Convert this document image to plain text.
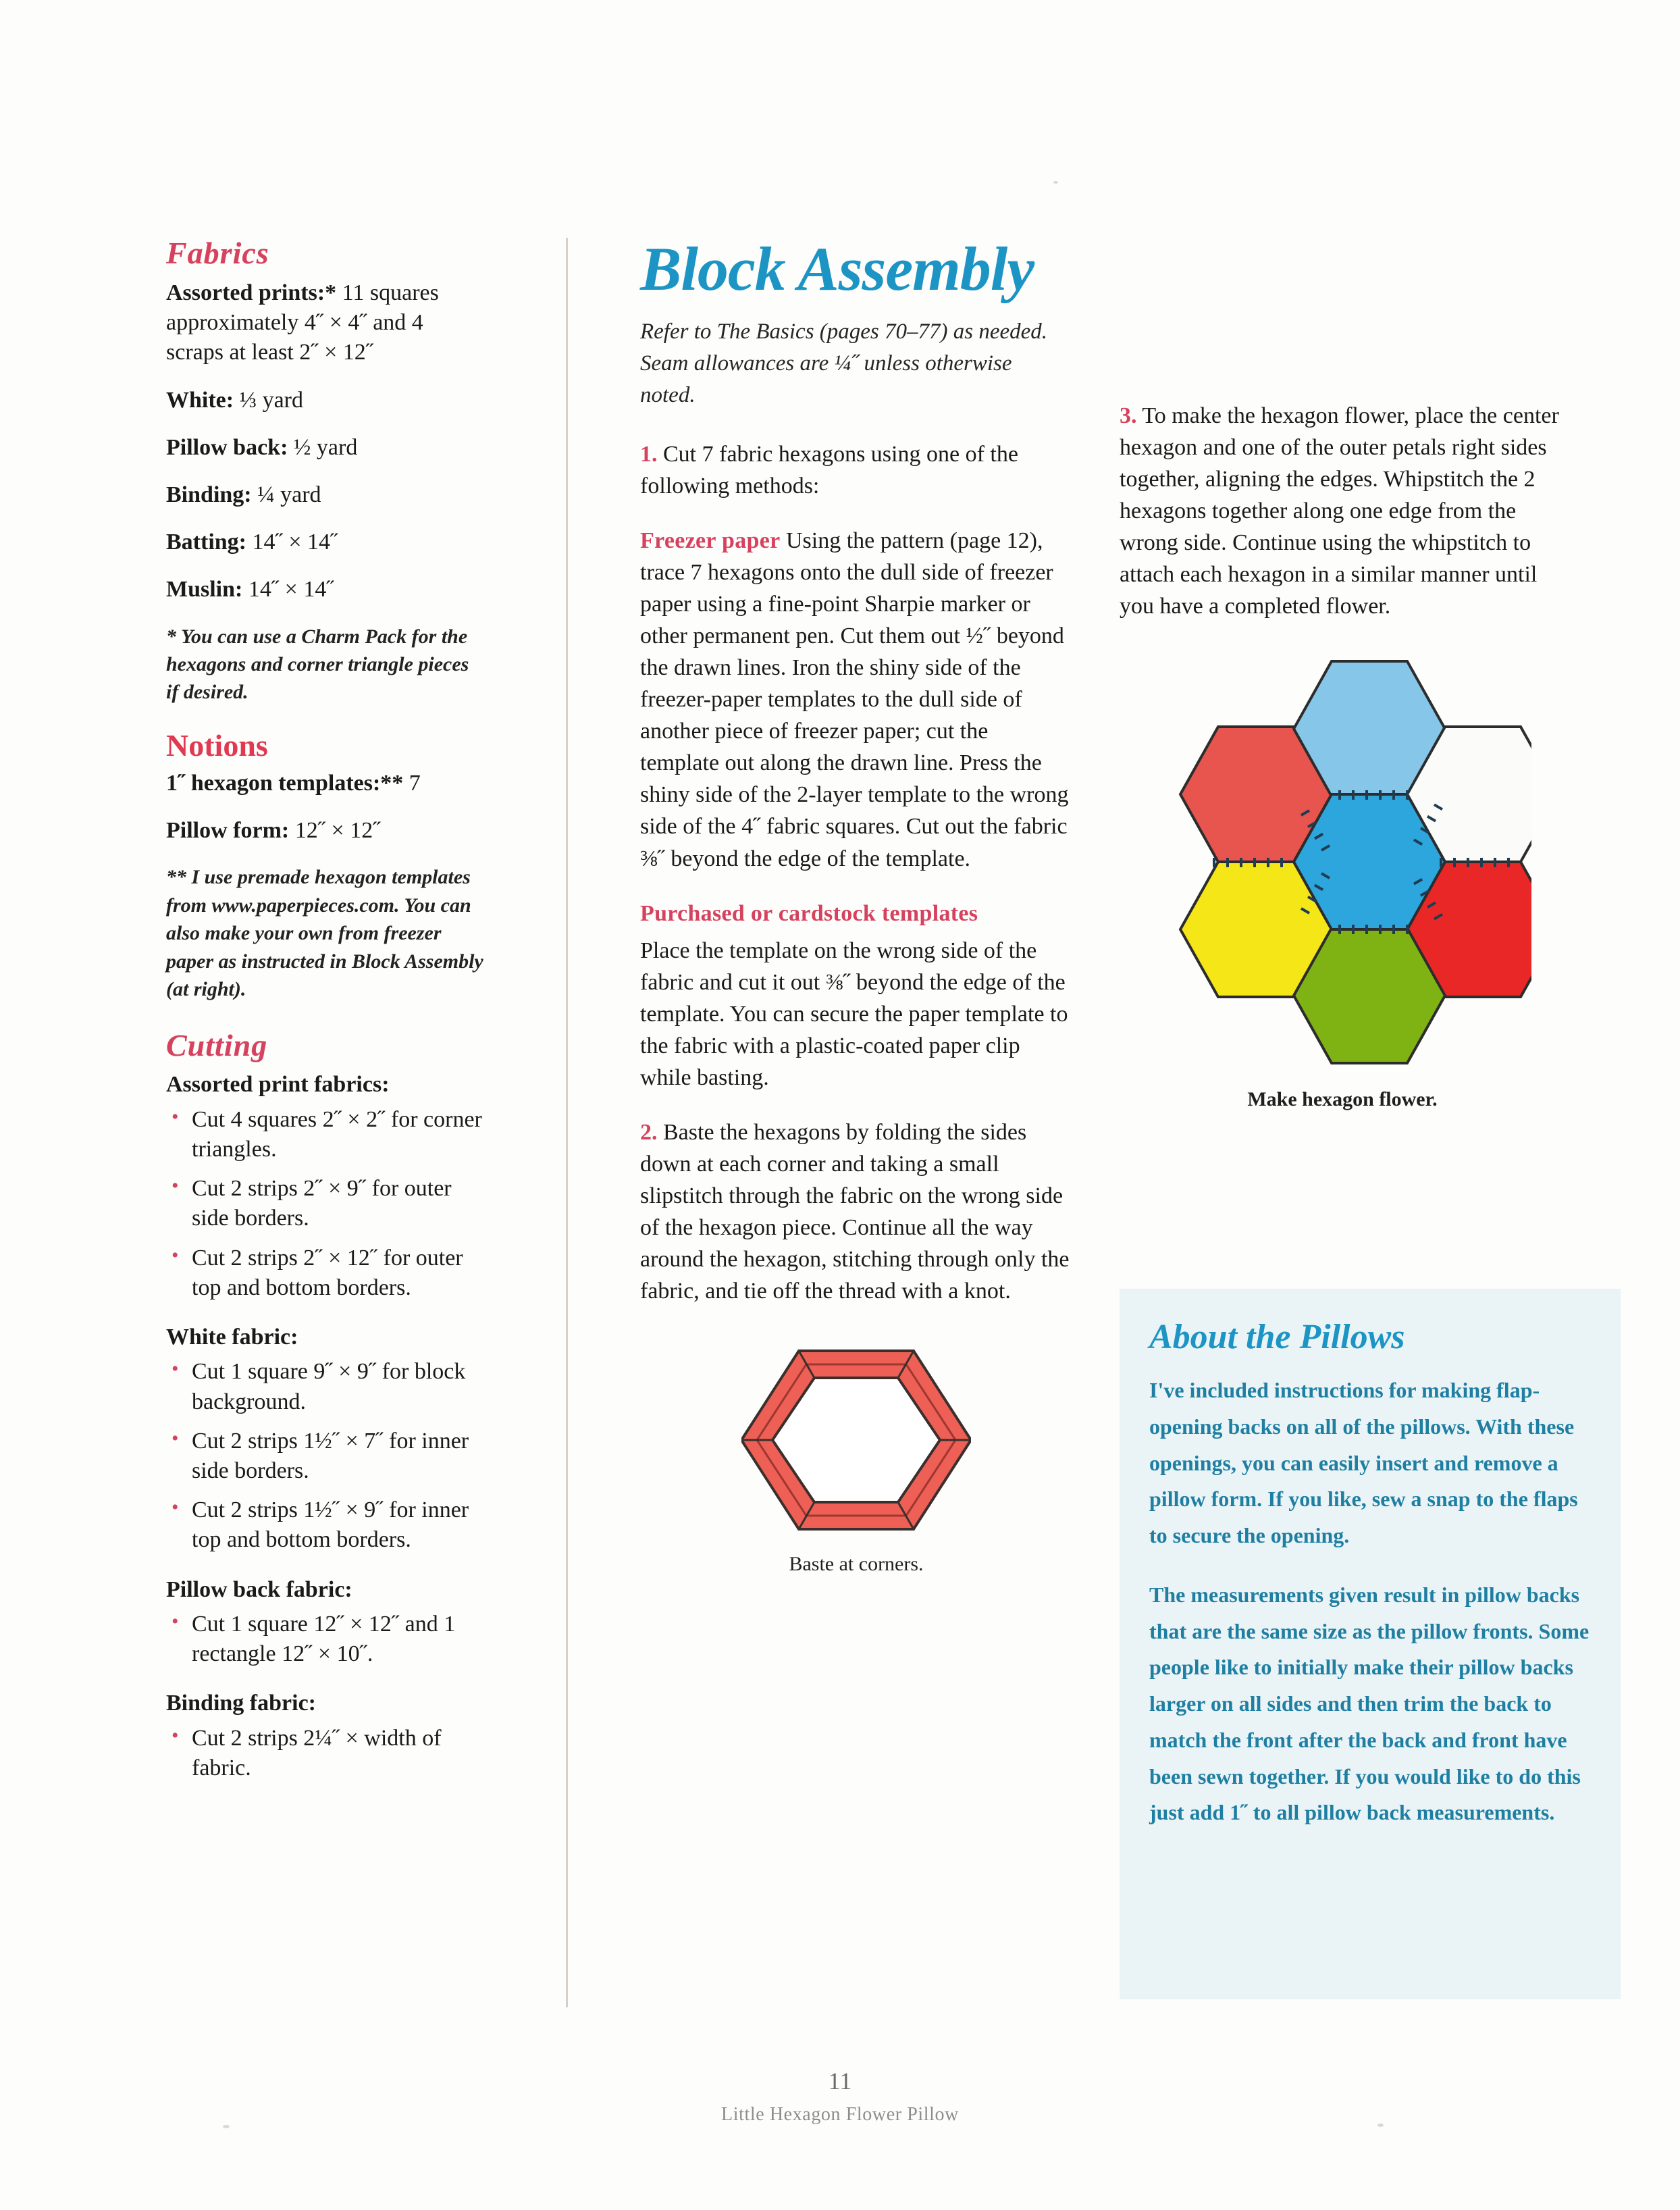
Fabrics

Assorted prints:* 11 squares approximately 4˝ × 4˝ and 4 scraps at least 2˝ × 12˝

White: ⅓ yard

Pillow back: ½ yard

Binding: ¼ yard

Batting: 14˝ × 14˝

Muslin: 14˝ × 14˝

* You can use a Charm Pack for the hexagons and corner triangle pieces if desired.

Notions

1˝ hexagon templates:** 7

Pillow form: 12˝ × 12˝

** I use premade hexagon templates from www.paperpieces.com. You can also make your own from freezer paper as instructed in Block Assembly (at right).

Cutting

Assorted print fabrics:

• Cut 4 squares 2˝ × 2˝ for corner triangles.
• Cut 2 strips 2˝ × 9˝ for outer side borders.
• Cut 2 strips 2˝ × 12˝ for outer top and bottom borders.

White fabric:

• Cut 1 square 9˝ × 9˝ for block background.
• Cut 2 strips 1½˝ × 7˝ for inner side borders.
• Cut 2 strips 1½˝ × 9˝ for inner top and bottom borders.

Pillow back fabric:

• Cut 1 square 12˝ × 12˝ and 1 rectangle 12˝ × 10˝.

Binding fabric:

• Cut 2 strips 2¼˝ × width of fabric.
Block Assembly

Refer to The Basics (pages 70–77) as needed. Seam allowances are ¼˝ unless otherwise noted.

1. Cut 7 fabric hexagons using one of the following methods:

Freezer paper Using the pattern (page 12), trace 7 hexagons onto the dull side of freezer paper using a fine-point Sharpie marker or other permanent pen. Cut them out ½˝ beyond the drawn lines. Iron the shiny side of the freezer-paper templates to the dull side of another piece of freezer paper; cut the template out along the drawn line. Press the shiny side of the 2-layer template to the wrong side of the 4˝ fabric squares. Cut out the fabric ⅜˝ beyond the edge of the template.

Purchased or cardstock templates

Place the template on the wrong side of the fabric and cut it out ⅜˝ beyond the edge of the template. You can secure the paper template to the fabric with a plastic-coated paper clip while basting.

2. Baste the hexagons by folding the sides down at each corner and taking a small slipstitch through the fabric on the wrong side of the hexagon piece. Continue all the way around the hexagon, stitching through only the fabric, and tie off the thread with a knot.

Baste at corners.

3. To make the hexagon flower, place the center hexagon and one of the outer petals right sides together, aligning the edges. Whipstitch the 2 hexagons together along one edge from the wrong side. Continue using the whipstitch to attach each hexagon in a similar manner until you have a completed flower.

Make hexagon flower.
About the Pillows

I've included instructions for making flap-opening backs on all of the pillows. With these openings, you can easily insert and remove a pillow form. If you like, sew a snap to the flaps to secure the opening.

The measurements given result in pillow backs that are the same size as the pillow fronts. Some people like to initially make their pillow backs larger on all sides and then trim the back to match the front after the back and front have been sewn together. If you would like to do this just add 1˝ to all pillow back measurements.

11
Little Hexagon Flower Pillow
